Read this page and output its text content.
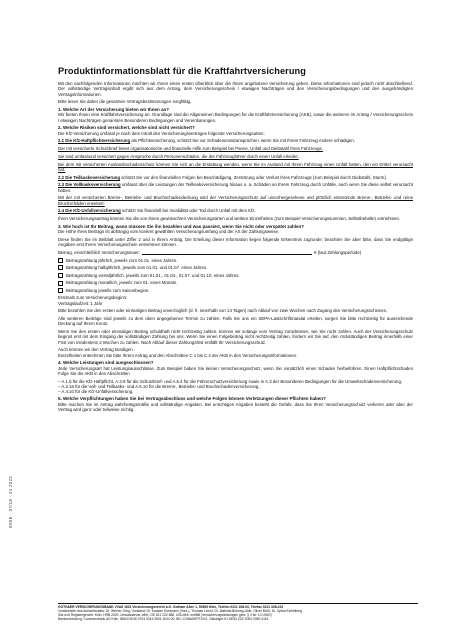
K60E · 07/18 · 01.2022
Produktinformationsblatt für die Kraftfahrtversicherung

Mit den nachfolgenden Informationen möchten wir Ihnen einen ersten Überblick über die Ihnen angebotene Versicherung geben. Diese Informationen sind jedoch nicht abschließend. Der vollständige Vertragsinhalt ergibt sich aus dem Antrag, dem Versicherungsschein / etwaigen Nachträgen und den Versicherungsbedingungen und den ausgehändigten Vertragsinformationen.

Bitte lesen Sie daher die gesamten Vertragsbestimmungen sorgfältig.

1. Welche Art der Versicherung bieten wir Ihnen an?

Wir bieten Ihnen eine Kraftfahrtversicherung an. Grundlage sind die Allgemeinen Bedingungen für die Kraftfahrtversicherung (AKB), sowie die weiteren im Antrag / Versicherungsschein / etwaigen Nachträgen genannten Besonderen Bedingungen und Vereinbarungen.

2. Welche Risiken sind versichert, welche sind nicht versichert?

Die Kfz-Versicherung umfasst je nach dem Inhalt des Versicherungsvertrages folgende Versicherungsarten:

2.1 Die Kfz-Haftpflichtversicherung als Pflichtversicherung, schützt Sie vor Schadenersatzansprüchen, wenn Sie mit Ihrem Fahrzeug Andere schädigen.

Der mit versicherte Schutzbrief bietet organisatorische und finanzielle Hilfe zum Beispiel bei Panne, Unfall und Diebstahl Ihres Fahrzeugs.

Sie sind umfassend versichert gegen Ansprüche durch Personenschäden, die der Fahrzeugführer durch einen Unfall erleidet.

Bei dem mit versicherten Auslandsschadenschutz können Sie sich an die Erstattung wenden, wenn Sie im Ausland mit Ihrem Fahrzeug einen Unfall hatten, den ein Dritter verursacht hat.

2.2 Die Teilkaskoversicherung schützt Sie vor den finanziellen Folgen bei Beschädigung, Zerstörung oder Verlust Ihres Fahrzeugs (zum Beispiel durch Diebstahl, Sturm).

2.3 Die Vollkaskoversicherung umfasst über die Leistungen der Teilkaskoversicherung hinaus u. a. Schäden an Ihrem Fahrzeug durch Unfälle, auch wenn Sie diese selbst verursacht haben.

Mit der mit versicherten Brems-, Betriebs- und Bruchschadendeckung wird der Versicherungsschutz auf unvorhergesehene und plötzlich eintretende Brems-, Betriebs- und reine Bruchschäden erweitert.

2.4 Die Kfz-Unfallversicherung schützt Sie finanziell bei Invalidität oder Tod durch Unfall mit dem Kfz.

Ihren Versicherungsantrag können Sie die von Ihnen gewünschten Versicherungsarten und weitere Einzelheiten (zum Beispiel Versicherungssummen, Selbstbehalte) entnehmen.

3. Wie hoch ist Ihr Beitrag, wann müssen Sie ihn bezahlen und was passiert, wenn Sie nicht oder verspätet zahlen?

Die Höhe Ihres Beitrags ist abhängig vom konkret gewählten Versicherungsumfang und der Art der Zahlungsweise.

Diese finden Sie im Beiblatt unter Ziffer 2 und in Ihrem Antrag. Die Erteilung dieser Information liegen folgende Erkenntnis zugrunde; beachten Sie aber bitte, dass Sie endgültige Angaben erst Ihrem Versicherungsschein entnehmen können.

Beitrag, einschließlich Versicherungsteuer:	€ (laut Zahlungsperiode)

Beitragszahlung jährlich, jeweils zum 01.01. eines Jahres.
Beitragszahlung halbjährlich, jeweils zum 01.01. und 01.07. eines Jahres.
Beitragszahlung vierteljährlich, jeweils zum 01.01., 01.04., 01.07. und 01.10. eines Jahres.
Beitragszahlung monatlich, jeweils zum 01. eines Monats.
Beitragszahlung jeweils zum Saisonbeginn.

Erstmals zum Versicherungsbeginn:

Vertragslaufzeit: 1 Jahr

Bitte bezahlen Sie den ersten oder einmaligen Beitrag unverzüglich (d. h. innerhalb von 14 Tagen) nach Ablauf von zwei Wochen nach Zugang des Versicherungsscheines.

Alle weiteren Beiträge sind jeweils zu dem oben angegebenen Termin zu zahlen. Falls Sie uns ein SEPA-Lastschriftmandat erteilen, sorgen Sie bitte rechtzeitig für ausreichende Deckung auf Ihrem Konto.

Wenn Sie den ersten oder einmaligen Beitrag schuldhaft nicht rechtzeitig zahlen, können wir solange vom Vertrag zurücktreten, wie Sie nicht zahlen. Auch der Versicherungsschutz beginnt erst mit dem Eingang der vollständigen Zahlung bei uns. Wenn Sie einen Folgebeitrag nicht rechtzeitig zahlen, fordern wir Sie auf, den rückständigen Beitrag innerhalb einer Frist von mindestens 2 Wochen zu zahlen. Nach Ablauf dieser Zahlungsfrist entfällt Ihr Versicherungsschutz.

Auch können wir den Vertrag kündigen.

Einzelheiten entnehmen Sie bitte Ihrem Antrag und den Abschnitten C.1 bis C.4 der AKB in den Versicherungsinformationen.

4. Welche Leistungen sind ausgeschlossen?

Jede Versicherungsart hat Leistungsausschlüsse. Zum Beispiel haben Sie keinen Versicherungsschutz, wenn Sie vorsätzlich einen Schaden herbeiführen. Einen Haftpflichtschaden Folge Sie die AKB in den Abschnitten

– A.1.5 für die Kfz-Haftpflicht, A.3.9 für die Schutzbrief- und A.5.4 für die Fahrerschutzversicherung sowie in A.3 der Besonderen Bedingungen für die Umweltschadenversicherung,
– A.2.16 für die Voll- und Teilkasko- und A.6.10 für die Brems-, Betriebs- und Bruchschadenversicherung,
– A.4.10 für die Kfz-Unfallversicherung.

5. Welche Verpflichtungen haben Sie bei Vertragsabschluss und welche Folgen können Verletzungen dieser Pflichten haben?

Bitte machen Sie im Antrag wahrheitsgemäße und vollständige Angaben. Bei unrichtigen Angaben besteht die Gefahr, dass Sie Ihren Versicherungsschutz verlieren oder aber der Vertrag wird ganz oder teilweise nichtig.

GOTHAER VERSICHERUNGSBANK VVaG 1601 Versicherungsverein a.G. Gothaer Allee 1, 50969 Köln, Telefon 0221 308-00, Telefax 0221 308-103

Vorsitzender des Aufsichtsrates: Dr. Werner Görg, Vorstand: Dr. Karsten Eichmann (Vors.), Thomas Leicht, Dr. Mathias Bühring-Uhle, Oliver Brüß, Dr. Sylvia Eichelberg

Sitz und Registergericht: Köln, HRB 2020, Umsatzsteuer-IdNr.: DE 811 232 888, USt-IdNr. entfällt (Versicherungsleistungen gem. § 4 Nr. 10 UStG)

Bankverbindung: Commerzbank AG Köln, IBAN DE36 3704 0044 0501 3044 00, BIC COBADEFFXXX, Gläubiger-ID DE53 ZZZ 0000 0069 4115
